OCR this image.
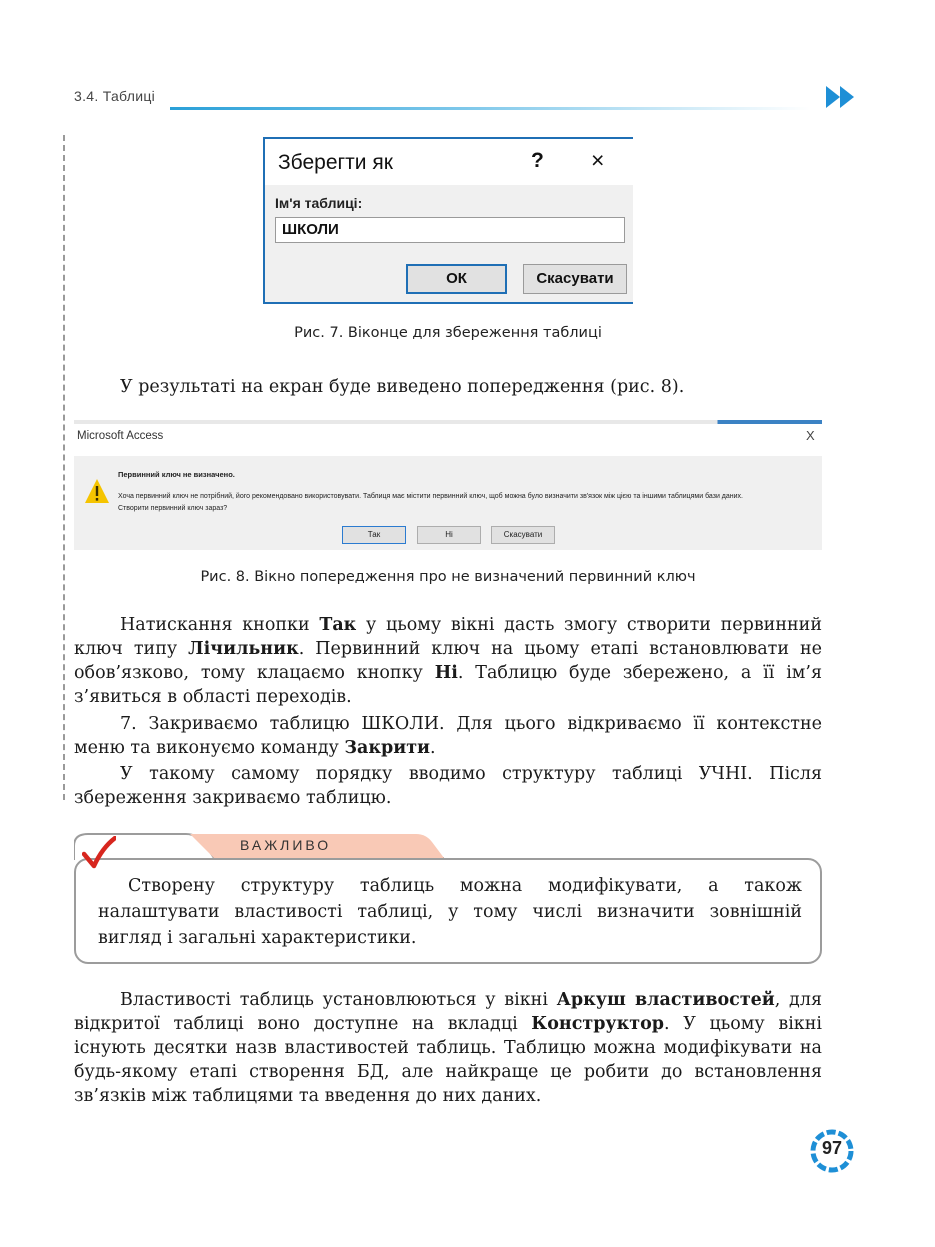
3.4. Таблиці
Зберегти як	? ×
Ім'я таблиці:
ШКОЛИ
ОК	Скасувати
Рис. 7. Віконце для збереження таблиці
У результаті на екран буде виведено попередження (рис. 8).
Microsoft Access	X
Первинний ключ не визначено.
Хоча первинний ключ не потрібний, його рекомендовано використовувати. Таблиця має містити первинний ключ, щоб можна було визначити зв'язок між цією та іншими таблицями бази даних.
Створити первинний ключ зараз?
Так	Ні	Скасувати
Рис. 8. Вікно попередження про не визначений первинний ключ
Натискання кнопки Так у цьому вікні дасть змогу створити первинний ключ типу Лічильник. Первинний ключ на цьому етапі встановлювати не обов’язково, тому клацаємо кнопку Ні. Таблицю буде збережено, а її ім’я з’явиться в області переходів.
7. Закриваємо таблицю ШКОЛИ. Для цього відкриваємо її контекстне меню та виконуємо команду Закрити.
У такому самому порядку вводимо структуру таблиці УЧНІ. Після збереження закриваємо таблицю.
ВАЖЛИВО
Створену структуру таблиць можна модифікувати, а також налаштувати властивості таблиці, у тому числі визначити зовнішній вигляд і загальні характеристики.
Властивості таблиць установлюються у вікні Аркуш властивостей, для відкритої таблиці воно доступне на вкладці Конструктор. У цьому вікні існують десятки назв властивостей таблиць. Таблицю можна модифікувати на будь-якому етапі створення БД, але найкраще це робити до встановлення зв’язків між таблицями та введення до них даних.
97
